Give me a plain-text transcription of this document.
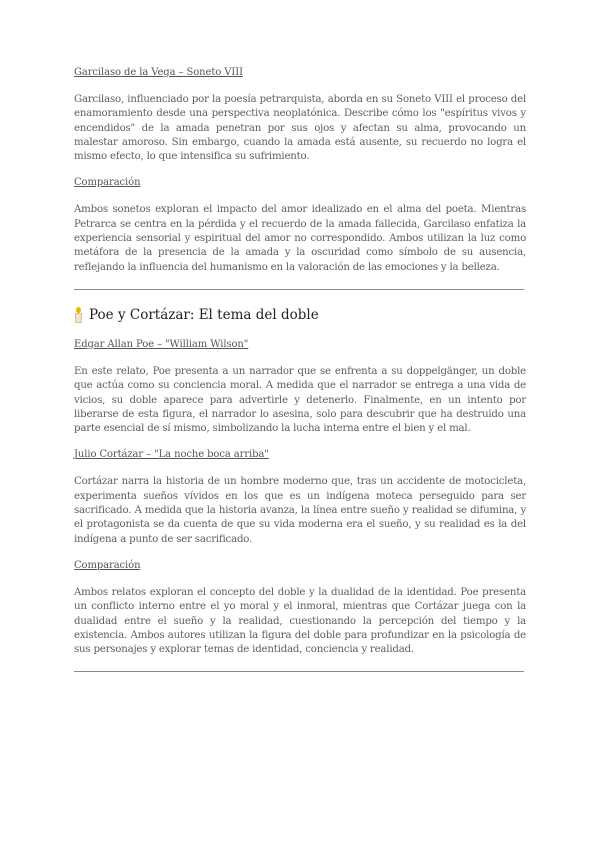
Garcilaso de la Vega – Soneto VIII

Garcilaso, influenciado por la poesía petrarquista, aborda en su Soneto VIII el proceso del enamoramiento desde una perspectiva neoplatónica. Describe cómo los "espíritus vivos y encendidos" de la amada penetran por sus ojos y afectan su alma, provocando un malestar amoroso. Sin embargo, cuando la amada está ausente, su recuerdo no logra el mismo efecto, lo que intensifica su sufrimiento.

Comparación

Ambos sonetos exploran el impacto del amor idealizado en el alma del poeta. Mientras Petrarca se centra en la pérdida y el recuerdo de la amada fallecida, Garcilaso enfatiza la experiencia sensorial y espiritual del amor no correspondido. Ambos utilizan la luz como metáfora de la presencia de la amada y la oscuridad como símbolo de su ausencia, reflejando la influencia del humanismo en la valoración de las emociones y la belleza.

Poe y Cortázar: El tema del doble
Edgar Allan Poe – "William Wilson"

En este relato, Poe presenta a un narrador que se enfrenta a su doppelgänger, un doble que actúa como su conciencia moral. A medida que el narrador se entrega a una vida de vicios, su doble aparece para advertirle y detenerlo. Finalmente, en un intento por liberarse de esta figura, el narrador lo asesina, solo para descubrir que ha destruido una parte esencial de sí mismo, simbolizando la lucha interna entre el bien y el mal.

Julio Cortázar – "La noche boca arriba"

Cortázar narra la historia de un hombre moderno que, tras un accidente de motocicleta, experimenta sueños vívidos en los que es un indígena moteca perseguido para ser sacrificado. A medida que la historia avanza, la línea entre sueño y realidad se difumina, y el protagonista se da cuenta de que su vida moderna era el sueño, y su realidad es la del indígena a punto de ser sacrificado.

Comparación

Ambos relatos exploran el concepto del doble y la dualidad de la identidad. Poe presenta un conflicto interno entre el yo moral y el inmoral, mientras que Cortázar juega con la dualidad entre el sueño y la realidad, cuestionando la percepción del tiempo y la existencia. Ambos autores utilizan la figura del doble para profundizar en la psicología de sus personajes y explorar temas de identidad, conciencia y realidad.
